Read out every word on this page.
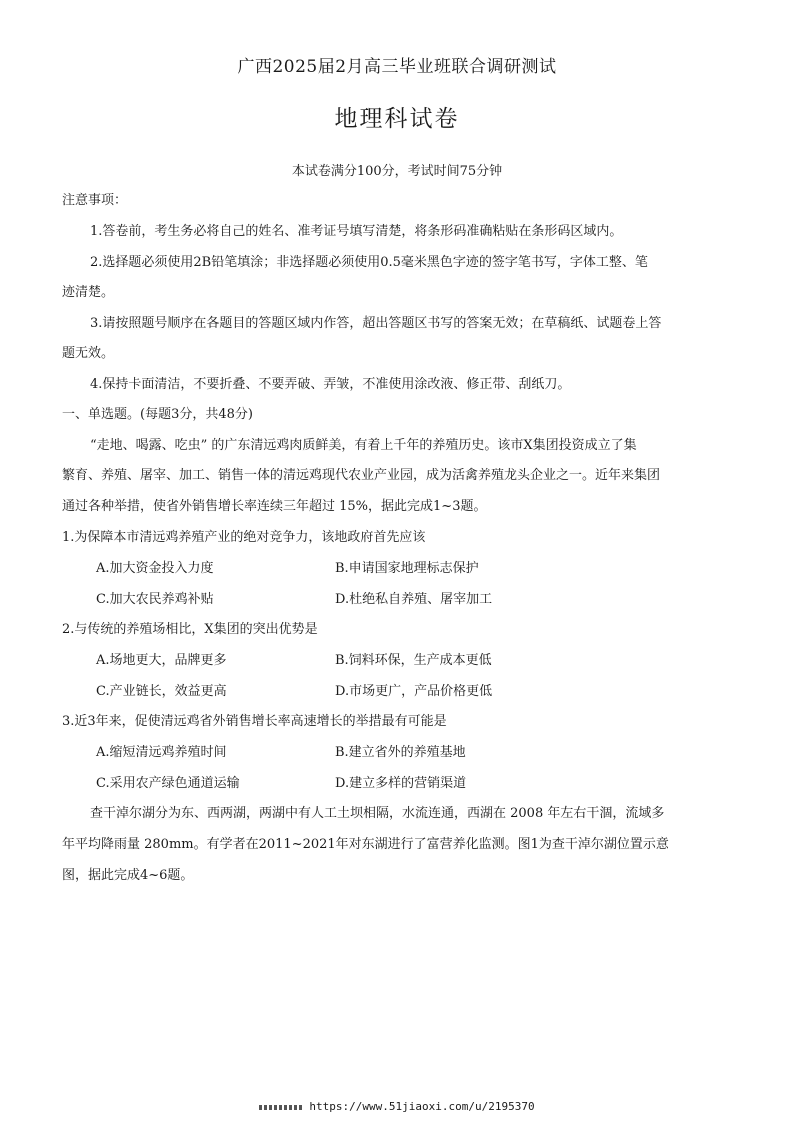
广西2025届2月高三毕业班联合调研测试
地理科试卷
本试卷满分100分，考试时间75分钟
注意事项：
1.答卷前，考生务必将自己的姓名、准考证号填写清楚，将条形码准确粘贴在条形码区域内。
2.选择题必须使用2B铅笔填涂；非选择题必须使用0.5毫米黑色字迹的签字笔书写，字体工整、笔
迹清楚。
3.请按照题号顺序在各题目的答题区域内作答，超出答题区书写的答案无效；在草稿纸、试题卷上答
题无效。
4.保持卡面清洁，不要折叠、不要弄破、弄皱，不准使用涂改液、修正带、刮纸刀。
一、单选题。(每题3分，共48分)
“走地、喝露、吃虫” 的广东清远鸡肉质鲜美，有着上千年的养殖历史。该市X集团投资成立了集
繁育、养殖、屠宰、加工、销售一体的清远鸡现代农业产业园，成为活禽养殖龙头企业之一。近年来集团
通过各种举措，使省外销售增长率连续三年超过 15%，据此完成1~3题。
1.为保障本市清远鸡养殖产业的绝对竞争力，该地政府首先应该
A.加大资金投入力度	B.申请国家地理标志保护
C.加大农民养鸡补贴	D.杜绝私自养殖、屠宰加工
2.与传统的养殖场相比，X集团的突出优势是
A.场地更大，品牌更多	B.饲料环保，生产成本更低
C.产业链长，效益更高	D.市场更广，产品价格更低
3.近3年来，促使清远鸡省外销售增长率高速增长的举措最有可能是
A.缩短清远鸡养殖时间	B.建立省外的养殖基地
C.采用农产绿色通道运输	D.建立多样的营销渠道
查干淖尔湖分为东、西两湖，两湖中有人工土坝相隔，水流连通，西湖在 2008 年左右干涸，流域多
年平均降雨量 280mm。有学者在2011~2021年对东湖进行了富营养化监测。图1为查干淖尔湖位置示意
图，据此完成4~6题。
https://www.51jiaoxi.com/u/2195370
